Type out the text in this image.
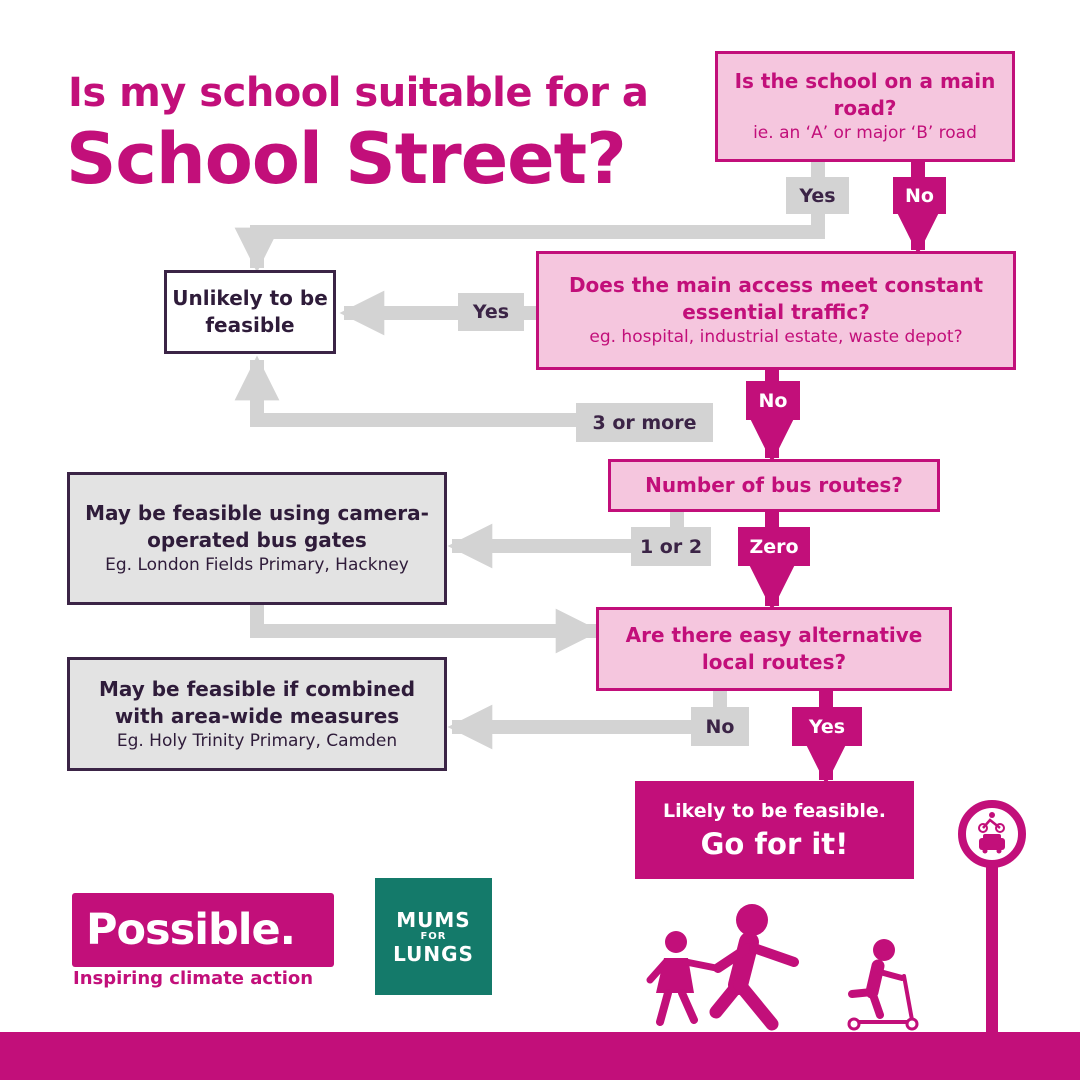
Is my school suitable for a
School Street?
Is the school on a main road?
ie. an ‘A’ or major ‘B’ road
Does the main access meet constant essential traffic?
eg. hospital, industrial estate, waste depot?
Number of bus routes?
Are there easy alternative local routes?
Unlikely to be feasible
May be feasible using camera-operated bus gates
Eg. London Fields Primary, Hackney
May be feasible if combined with area-wide measures
Eg. Holy Trinity Primary, Camden
Likely to be feasible.
Go for it!
Yes	No
Yes
No
3 or more
1 or 2	Zero
No	Yes
Possible.
Inspiring climate action
MUMS
FOR
LUNGS
